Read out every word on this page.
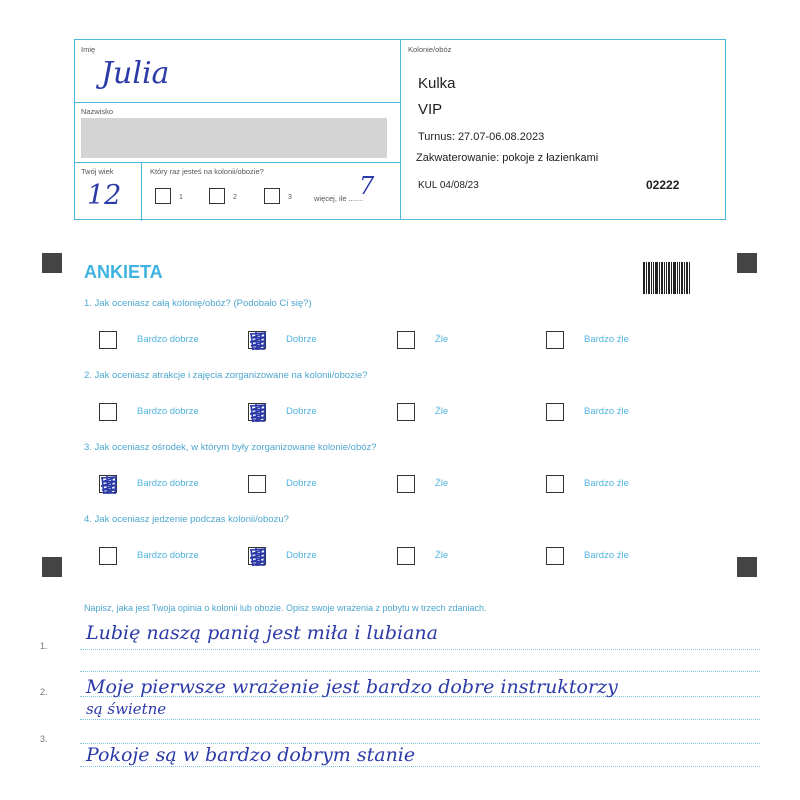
Imię
Julia
Nazwisko
Twój wiek
12
Który raz jesteś na kolonii/obozie?
1	2	3	więcej, ile .......
7
Kolonie/obóz
Kulka
VIP
Turnus: 27.07-06.08.2023
Zakwaterowanie: pokoje z łazienkami
KUL 04/08/23	02222
ANKIETA
1. Jak oceniasz całą kolonię/obóz? (Podobało Ci się?)
2. Jak oceniasz atrakcje i zajęcia zorganizowane na kolonii/obozie?
3. Jak oceniasz ośrodek, w którym były zorganizowane kolonie/obóz?
4. Jak oceniasz jedzenie podczas kolonii/obozu?
Bardzo dobrze	Dobrze	Źle	Bardzo źle
Bardzo dobrze	Dobrze	Źle	Bardzo źle
Bardzo dobrze	Dobrze	Źle	Bardzo źle
Bardzo dobrze	Dobrze	Źle	Bardzo źle
Napisz, jaka jest Twoja opinia o kolonii lub obozie. Opisz swoje wrażenia z pobytu w trzech zdaniach.
1.
2.
3.
Lubię naszą panią jest miła i lubiana
Moje pierwsze wrażenie jest bardzo dobre instruktorzy
są świetne
Pokoje są w bardzo dobrym stanie
